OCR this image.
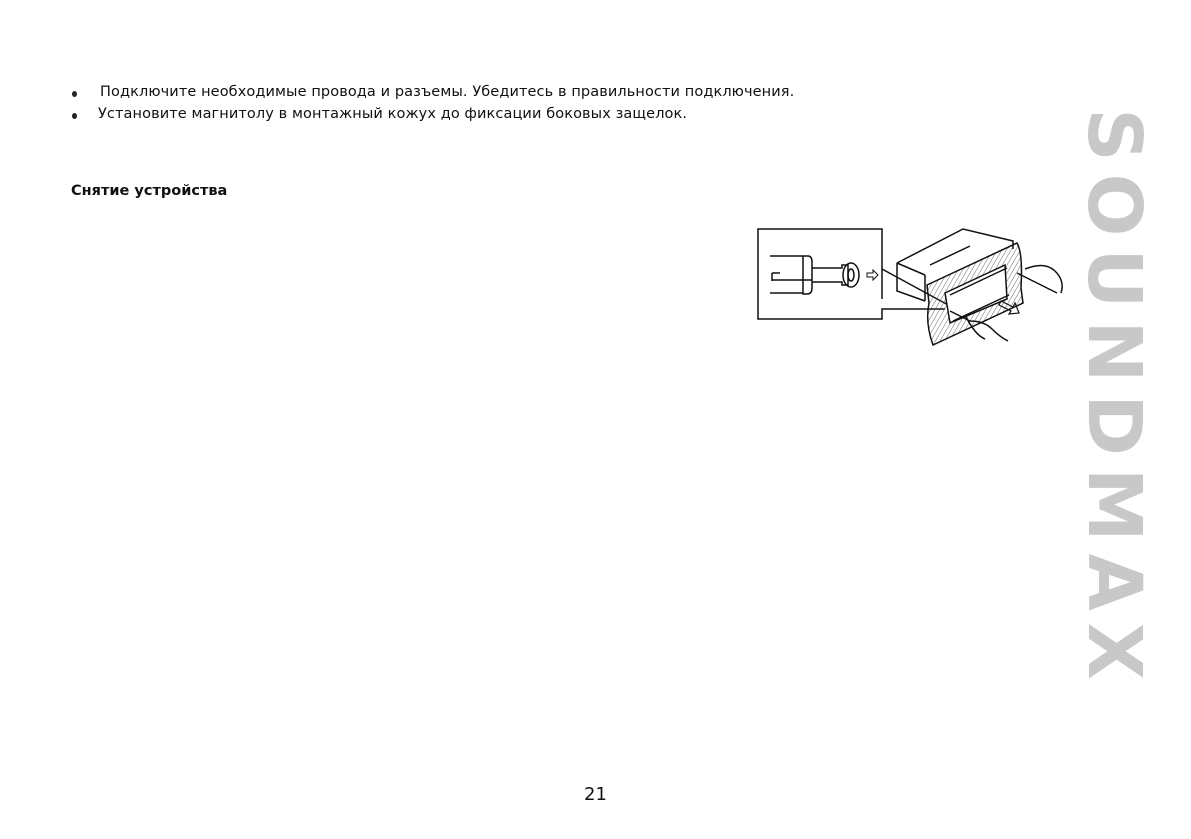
Подключите необходимые провода и разъемы. Убедитесь в правильности подключения.
Установите магнитолу в монтажный кожух до фиксации боковых защелок.
Снятие устройства	SOUNDMAX
21
